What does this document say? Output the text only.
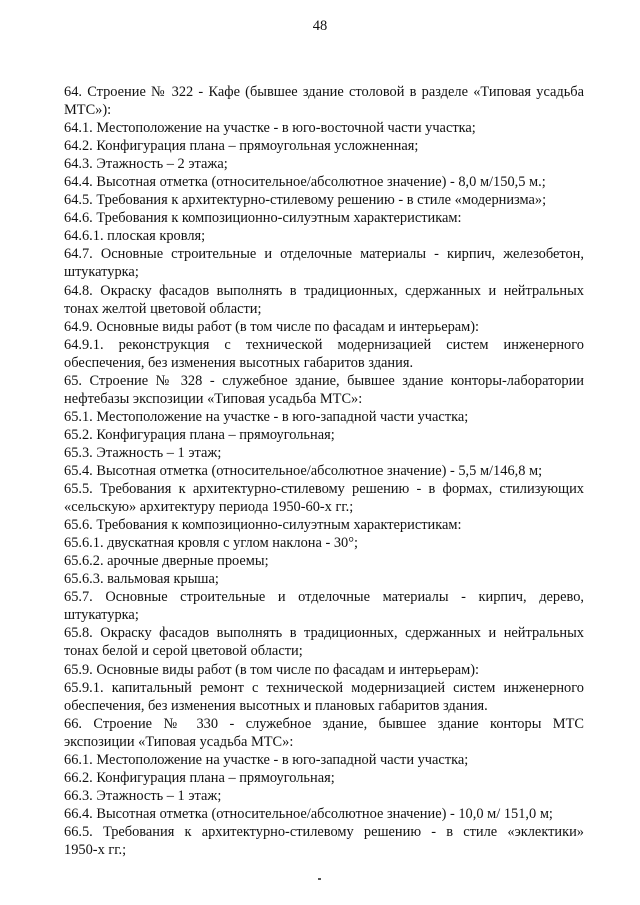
48
64. Строение № 322 - Кафе (бывшее здание столовой в разделе «Типовая усадьба
МТС»):
64.1. Местоположение на участке - в юго-восточной части участка;
64.2. Конфигурация плана – прямоугольная усложненная;
64.3. Этажность – 2 этажа;
64.4. Высотная отметка (относительное/абсолютное значение) - 8,0 м/150,5 м.;
64.5. Требования к архитектурно-стилевому решению - в стиле «модернизма»;
64.6. Требования к композиционно-силуэтным характеристикам:
64.6.1. плоская кровля;
64.7. Основные строительные и отделочные материалы - кирпич, железобетон,
штукатурка;
64.8. Окраску фасадов выполнять в традиционных, сдержанных и нейтральных
тонах желтой цветовой области;
64.9. Основные виды работ (в том числе по фасадам и интерьерам):
64.9.1. реконструкция с технической модернизацией систем инженерного
обеспечения, без изменения высотных габаритов здания.
65. Строение № 328 - служебное здание, бывшее здание конторы-лаборатории
нефтебазы экспозиции «Типовая усадьба МТС»:
65.1. Местоположение на участке - в юго-западной части участка;
65.2. Конфигурация плана – прямоугольная;
65.3. Этажность – 1 этаж;
65.4. Высотная отметка (относительное/абсолютное значение) - 5,5 м/146,8 м;
65.5. Требования к архитектурно-стилевому решению - в формах, стилизующих
«сельскую» архитектуру периода 1950-60-х гг.;
65.6. Требования к композиционно-силуэтным характеристикам:
65.6.1. двускатная кровля с углом наклона - 30°;
65.6.2. арочные дверные проемы;
65.6.3. вальмовая крыша;
65.7. Основные строительные и отделочные материалы - кирпич, дерево,
штукатурка;
65.8. Окраску фасадов выполнять в традиционных, сдержанных и нейтральных
тонах белой и серой цветовой области;
65.9. Основные виды работ (в том числе по фасадам и интерьерам):
65.9.1. капитальный ремонт с технической модернизацией систем инженерного
обеспечения, без изменения высотных и плановых габаритов здания.
66. Строение № 330 - служебное здание, бывшее здание конторы МТС
экспозиции «Типовая усадьба МТС»:
66.1. Местоположение на участке - в юго-западной части участка;
66.2. Конфигурация плана – прямоугольная;
66.3. Этажность – 1 этаж;
66.4. Высотная отметка (относительное/абсолютное значение) - 10,0 м/ 151,0 м;
66.5. Требования к архитектурно-стилевому решению - в стиле «эклектики»
1950-х гг.;
